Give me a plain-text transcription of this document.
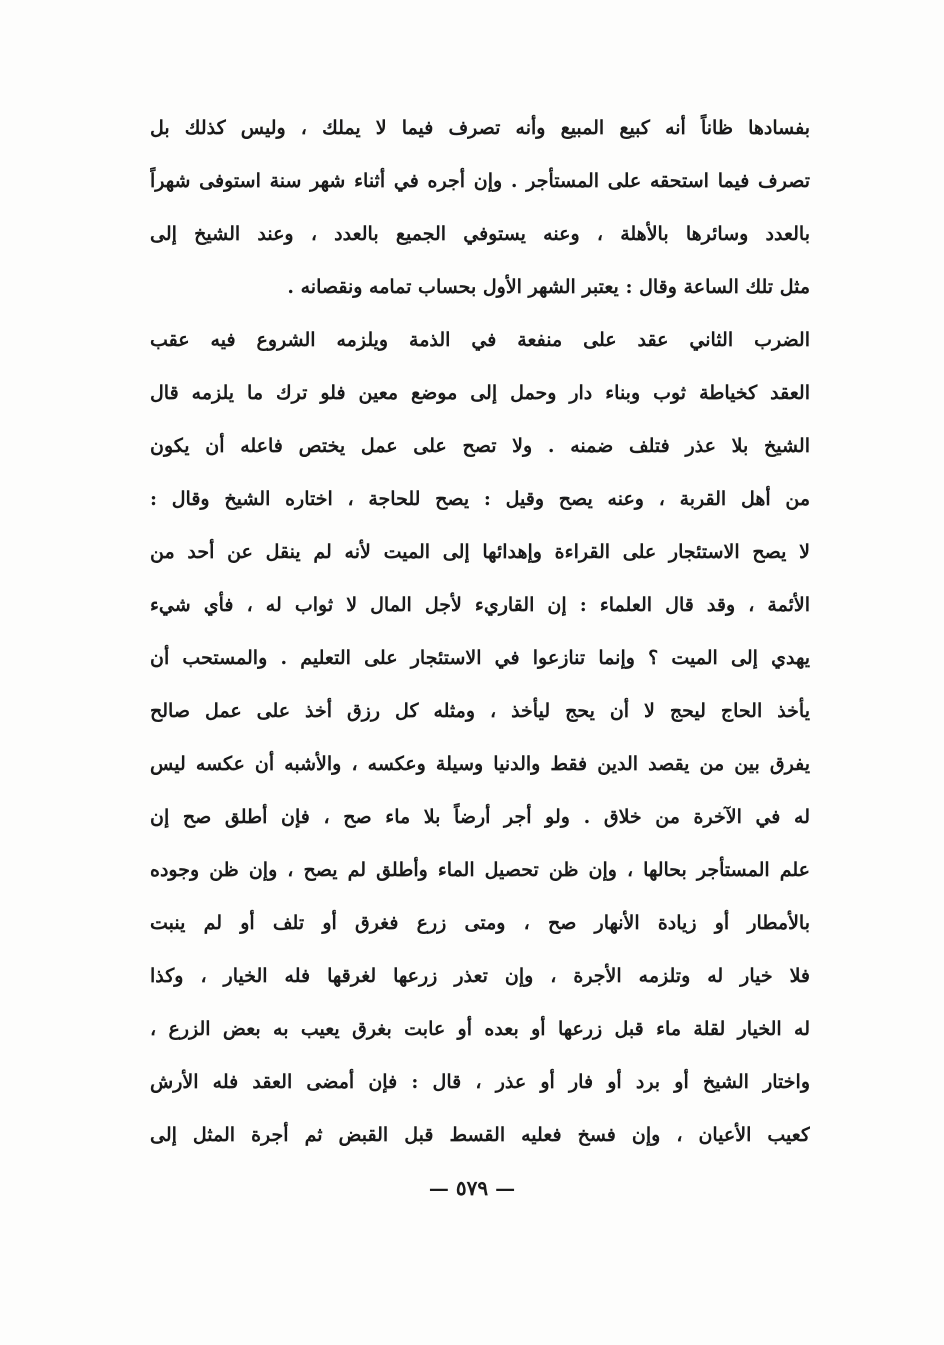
بفسادها ظاناً أنه كبيع المبيع وأنه تصرف فيما لا يملك ، وليس كذلك بل
تصرف فيما استحقه على المستأجر . وإن أجره في أثناء شهر سنة استوفى شهراً
بالعدد وسائرها بالأهلة ، وعنه يستوفي الجميع بالعدد ، وعند الشيخ إلى
مثل تلك الساعة وقال : يعتبر الشهر الأول بحساب تمامه ونقصانه .
الضرب الثاني عقد على منفعة في الذمة ويلزمه الشروع فيه عقب
العقد كخياطة ثوب وبناء دار وحمل إلى موضع معين فلو ترك ما يلزمه قال
الشيخ بلا عذر فتلف ضمنه . ولا تصح على عمل يختص فاعله أن يكون
من أهل القربة ، وعنه يصح وقيل : يصح للحاجة ، اختاره الشيخ وقال :
لا يصح الاستئجار على القراءة وإهدائها إلى الميت لأنه لم ينقل عن أحد من
الأئمة ، وقد قال العلماء : إن القاريء لأجل المال لا ثواب له ، فأي شيء
يهدي إلى الميت ؟ وإنما تنازعوا في الاستئجار على التعليم . والمستحب أن
يأخذ الحاج ليحج لا أن يحج ليأخذ ، ومثله كل رزق أخذ على عمل صالح
يفرق بين من يقصد الدين فقط والدنيا وسيلة وعكسه ، والأشبه أن عكسه ليس
له في الآخرة من خلاق . ولو أجر أرضاً بلا ماء صح ، فإن أطلق صح إن
علم المستأجر بحالها ، وإن ظن تحصيل الماء وأطلق لم يصح ، وإن ظن وجوده
بالأمطار أو زيادة الأنهار صح ، ومتى زرع فغرق أو تلف أو لم ينبت
فلا خيار له وتلزمه الأجرة ، وإن تعذر زرعها لغرقها فله الخيار ، وكذا
له الخيار لقلة ماء قبل زرعها أو بعده أو عابت بغرق يعيب به بعض الزرع ،
واختار الشيخ أو برد أو فار أو عذر ، قال : فإن أمضى العقد فله الأرش
كعيب الأعيان ، وإن فسخ فعليه القسط قبل القبض ثم أجرة المثل إلى
— ٥٧٩ —
